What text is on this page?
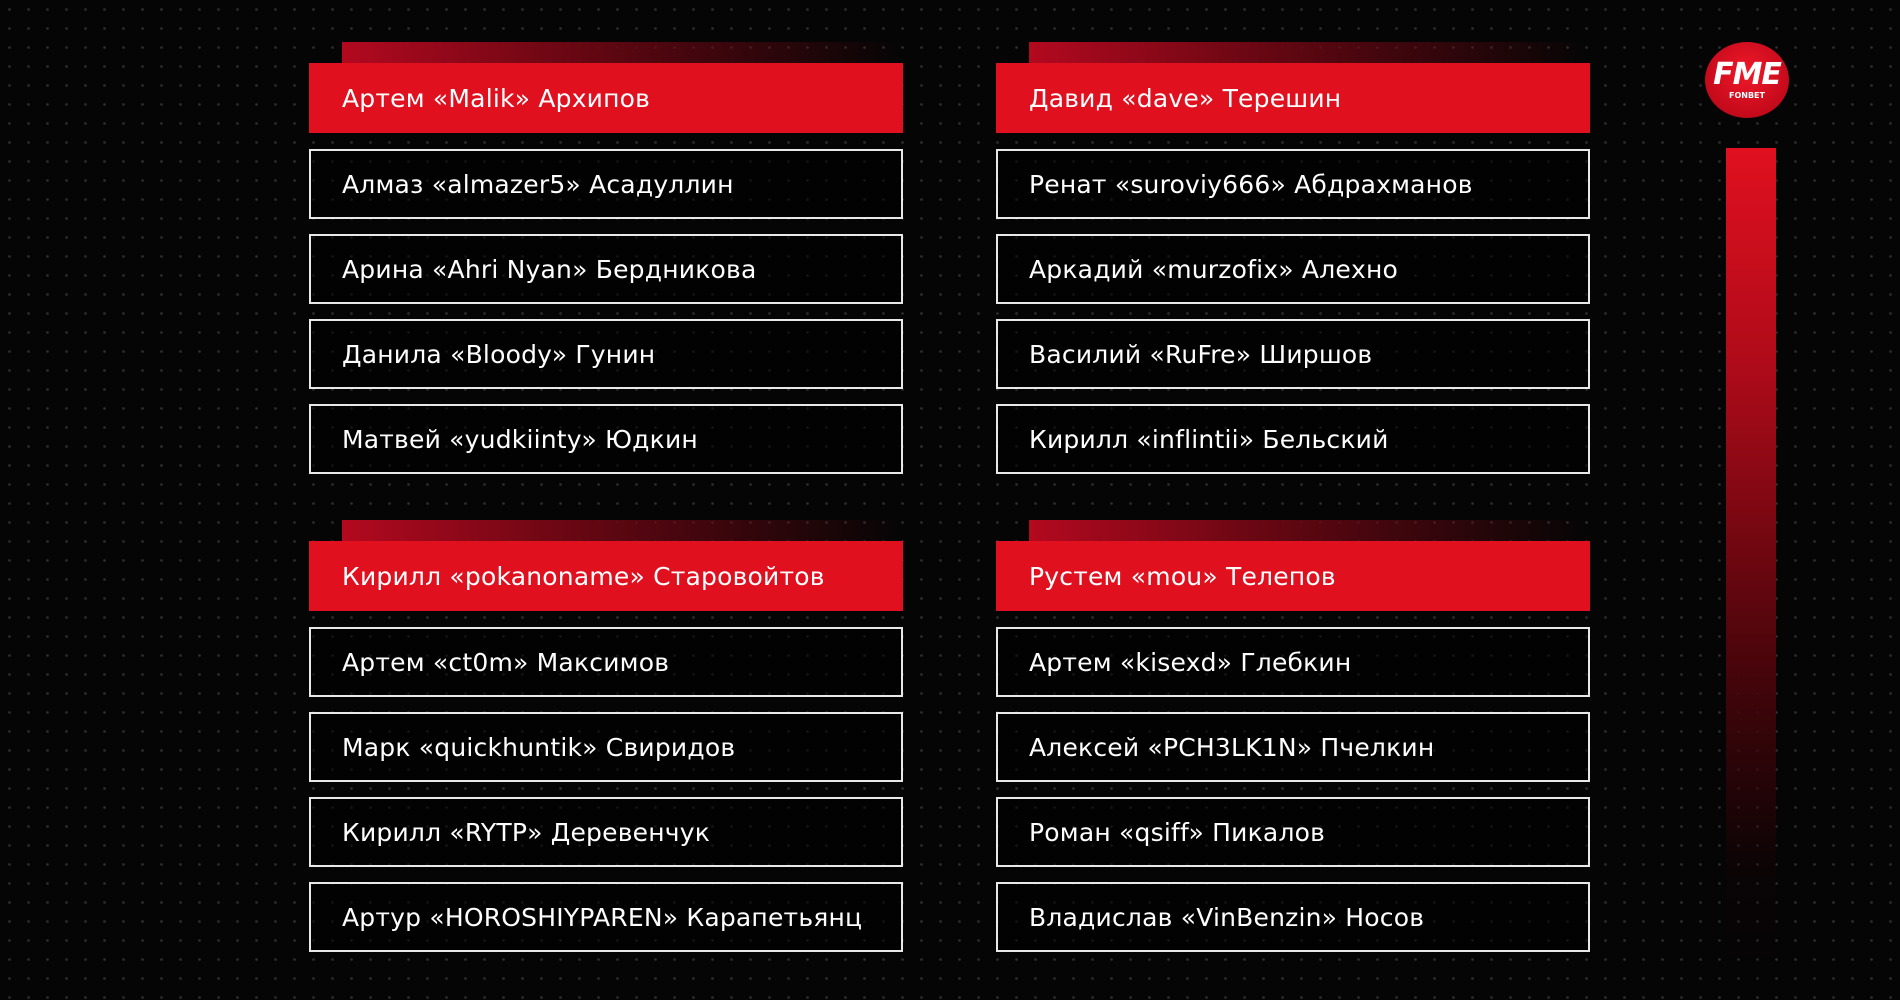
Артем «Malik» Архипов
Алмаз «almazer5» Асадуллин
Арина «Ahri Nyan» Бердникова
Данила «Bloody» Гунин
Матвей «yudkiinty» Юдкин
Давид «dave» Терешин
Ренат «suroviy666» Абдрахманов
Аркадий «murzofix» Алехно
Василий «RuFre» Ширшов
Кирилл «inflintii» Бельский
Кирилл «pokanoname» Старовойтов
Артем «ct0m» Максимов
Марк «quickhuntik» Свиридов
Кирилл «RYTP» Деревенчук
Артур «HOROSHIYPAREN» Карапетьянц
Рустем «mou» Телепов
Артем «kisexd» Глебкин
Алексей «PCH3LK1N» Пчелкин
Роман «qsiff» Пикалов
Владислав «VinBenzin» Носов
FME
FONBET
